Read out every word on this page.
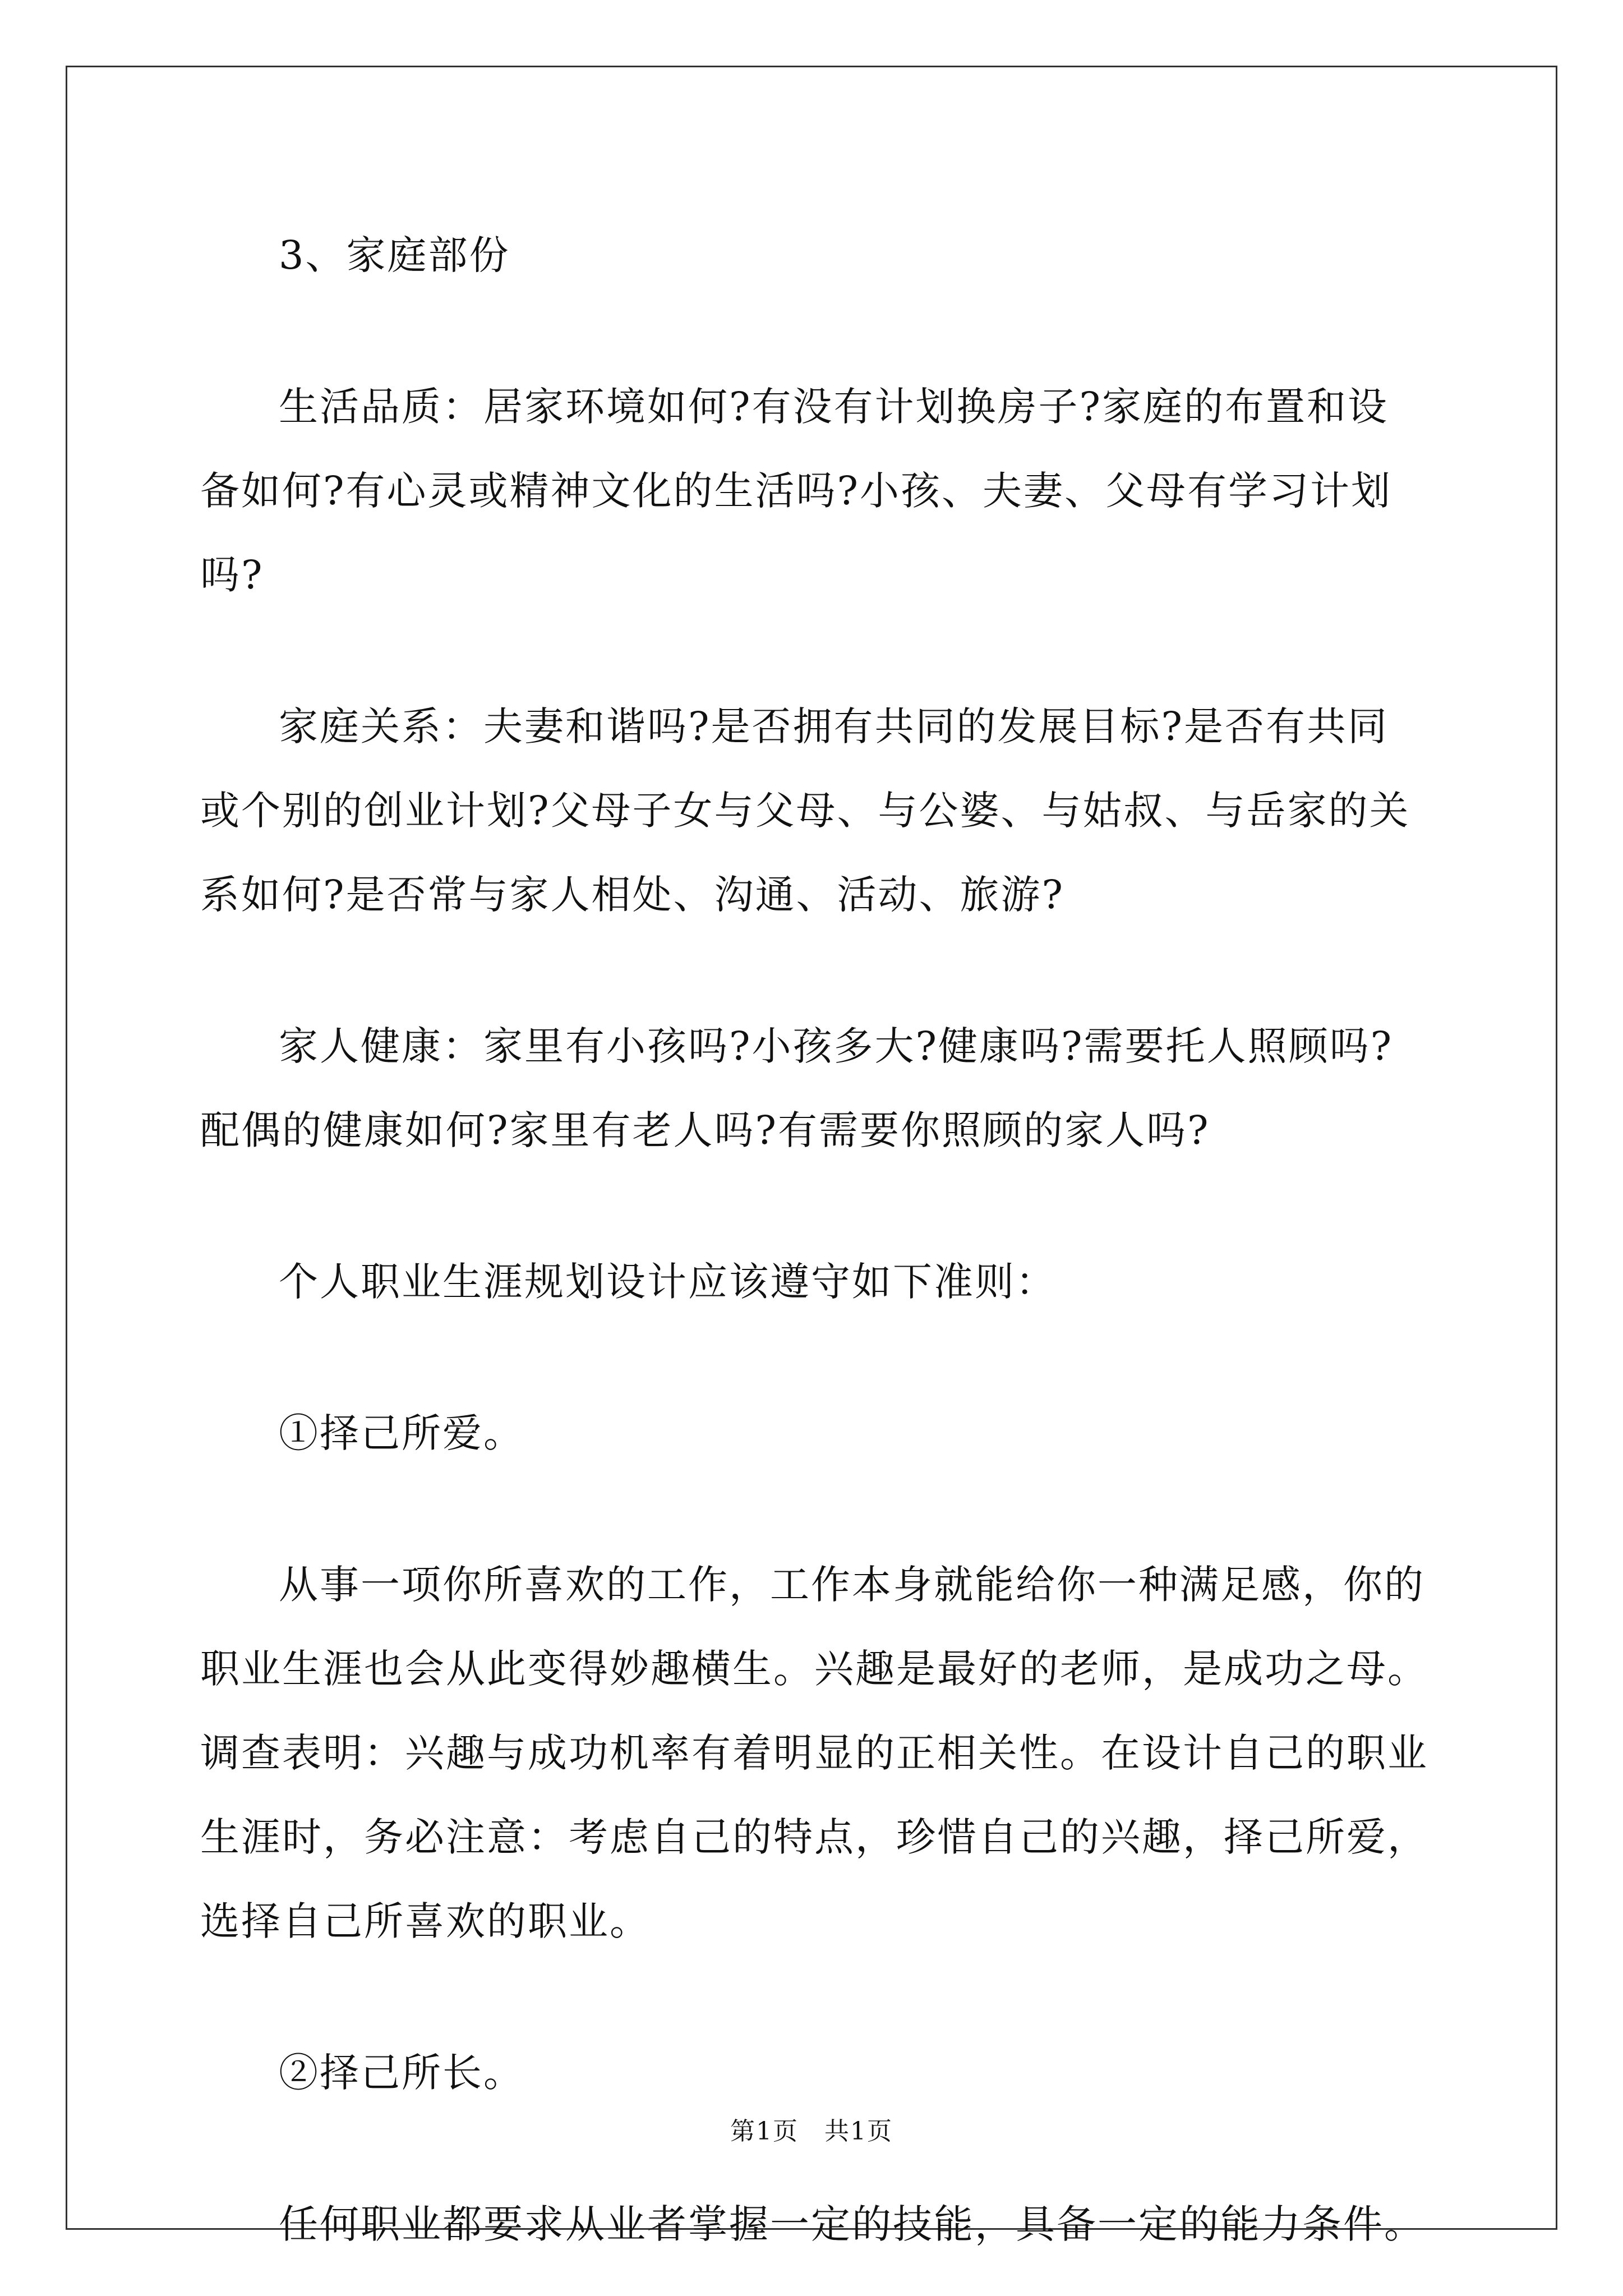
3、家庭部份

生活品质：居家环境如何?有没有计划换房子?家庭的布置和设备如何?有心灵或精神文化的生活吗?小孩、夫妻、父母有学习计划吗?

家庭关系：夫妻和谐吗?是否拥有共同的发展目标?是否有共同或个别的创业计划?父母子女与父母、与公婆、与姑叔、与岳家的关系如何?是否常与家人相处、沟通、活动、旅游?

家人健康：家里有小孩吗?小孩多大?健康吗?需要托人照顾吗?配偶的健康如何?家里有老人吗?有需要你照顾的家人吗?

个人职业生涯规划设计应该遵守如下准则：

①择己所爱。

从事一项你所喜欢的工作，工作本身就能给你一种满足感，你的职业生涯也会从此变得妙趣横生。兴趣是最好的老师，是成功之母。调查表明：兴趣与成功机率有着明显的正相关性。在设计自己的职业生涯时，务必注意：考虑自己的特点，珍惜自己的兴趣，择己所爱，选择自己所喜欢的职业。

②择己所长。

任何职业都要求从业者掌握一定的技能，具备一定的能力条件。

第1页　共1页
